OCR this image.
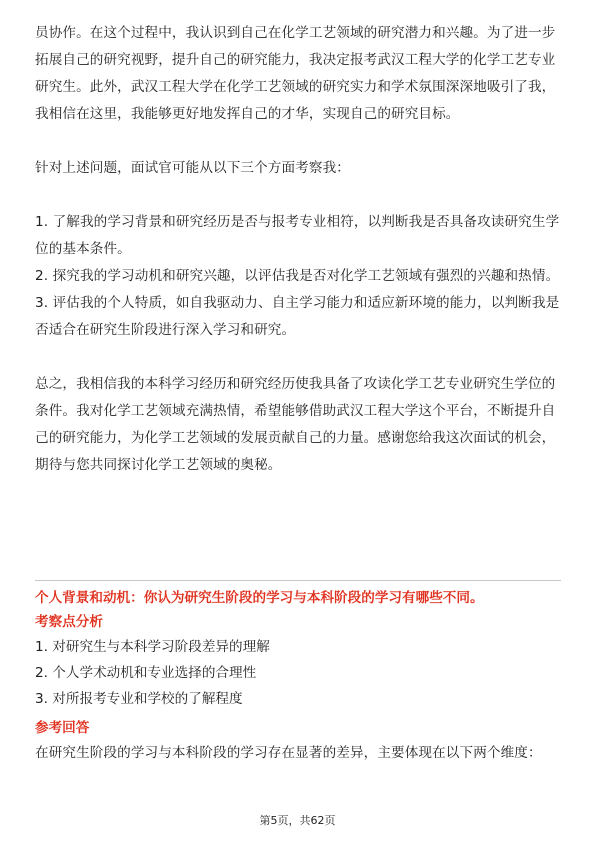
员协作。在这个过程中，我认识到自己在化学工艺领域的研究潜力和兴趣。为了进一步拓展自己的研究视野，提升自己的研究能力，我决定报考武汉工程大学的化学工艺专业研究生。此外，武汉工程大学在化学工艺领域的研究实力和学术氛围深深地吸引了我，我相信在这里，我能够更好地发挥自己的才华，实现自己的研究目标。

针对上述问题，面试官可能从以下三个方面考察我：

1. 了解我的学习背景和研究经历是否与报考专业相符，以判断我是否具备攻读研究生学位的基本条件。

2. 探究我的学习动机和研究兴趣，以评估我是否对化学工艺领域有强烈的兴趣和热情。

3. 评估我的个人特质，如自我驱动力、自主学习能力和适应新环境的能力，以判断我是否适合在研究生阶段进行深入学习和研究。

总之，我相信我的本科学习经历和研究经历使我具备了攻读化学工艺专业研究生学位的条件。我对化学工艺领域充满热情，希望能够借助武汉工程大学这个平台，不断提升自己的研究能力，为化学工艺领域的发展贡献自己的力量。感谢您给我这次面试的机会，期待与您共同探讨化学工艺领域的奥秘。

个人背景和动机：你认为研究生阶段的学习与本科阶段的学习有哪些不同。

考察点分析

1. 对研究生与本科学习阶段差异的理解

2. 个人学术动机和专业选择的合理性

3. 对所报考专业和学校的了解程度

参考回答

在研究生阶段的学习与本科阶段的学习存在显著的差异，主要体现在以下两个维度：

第5页，共62页
